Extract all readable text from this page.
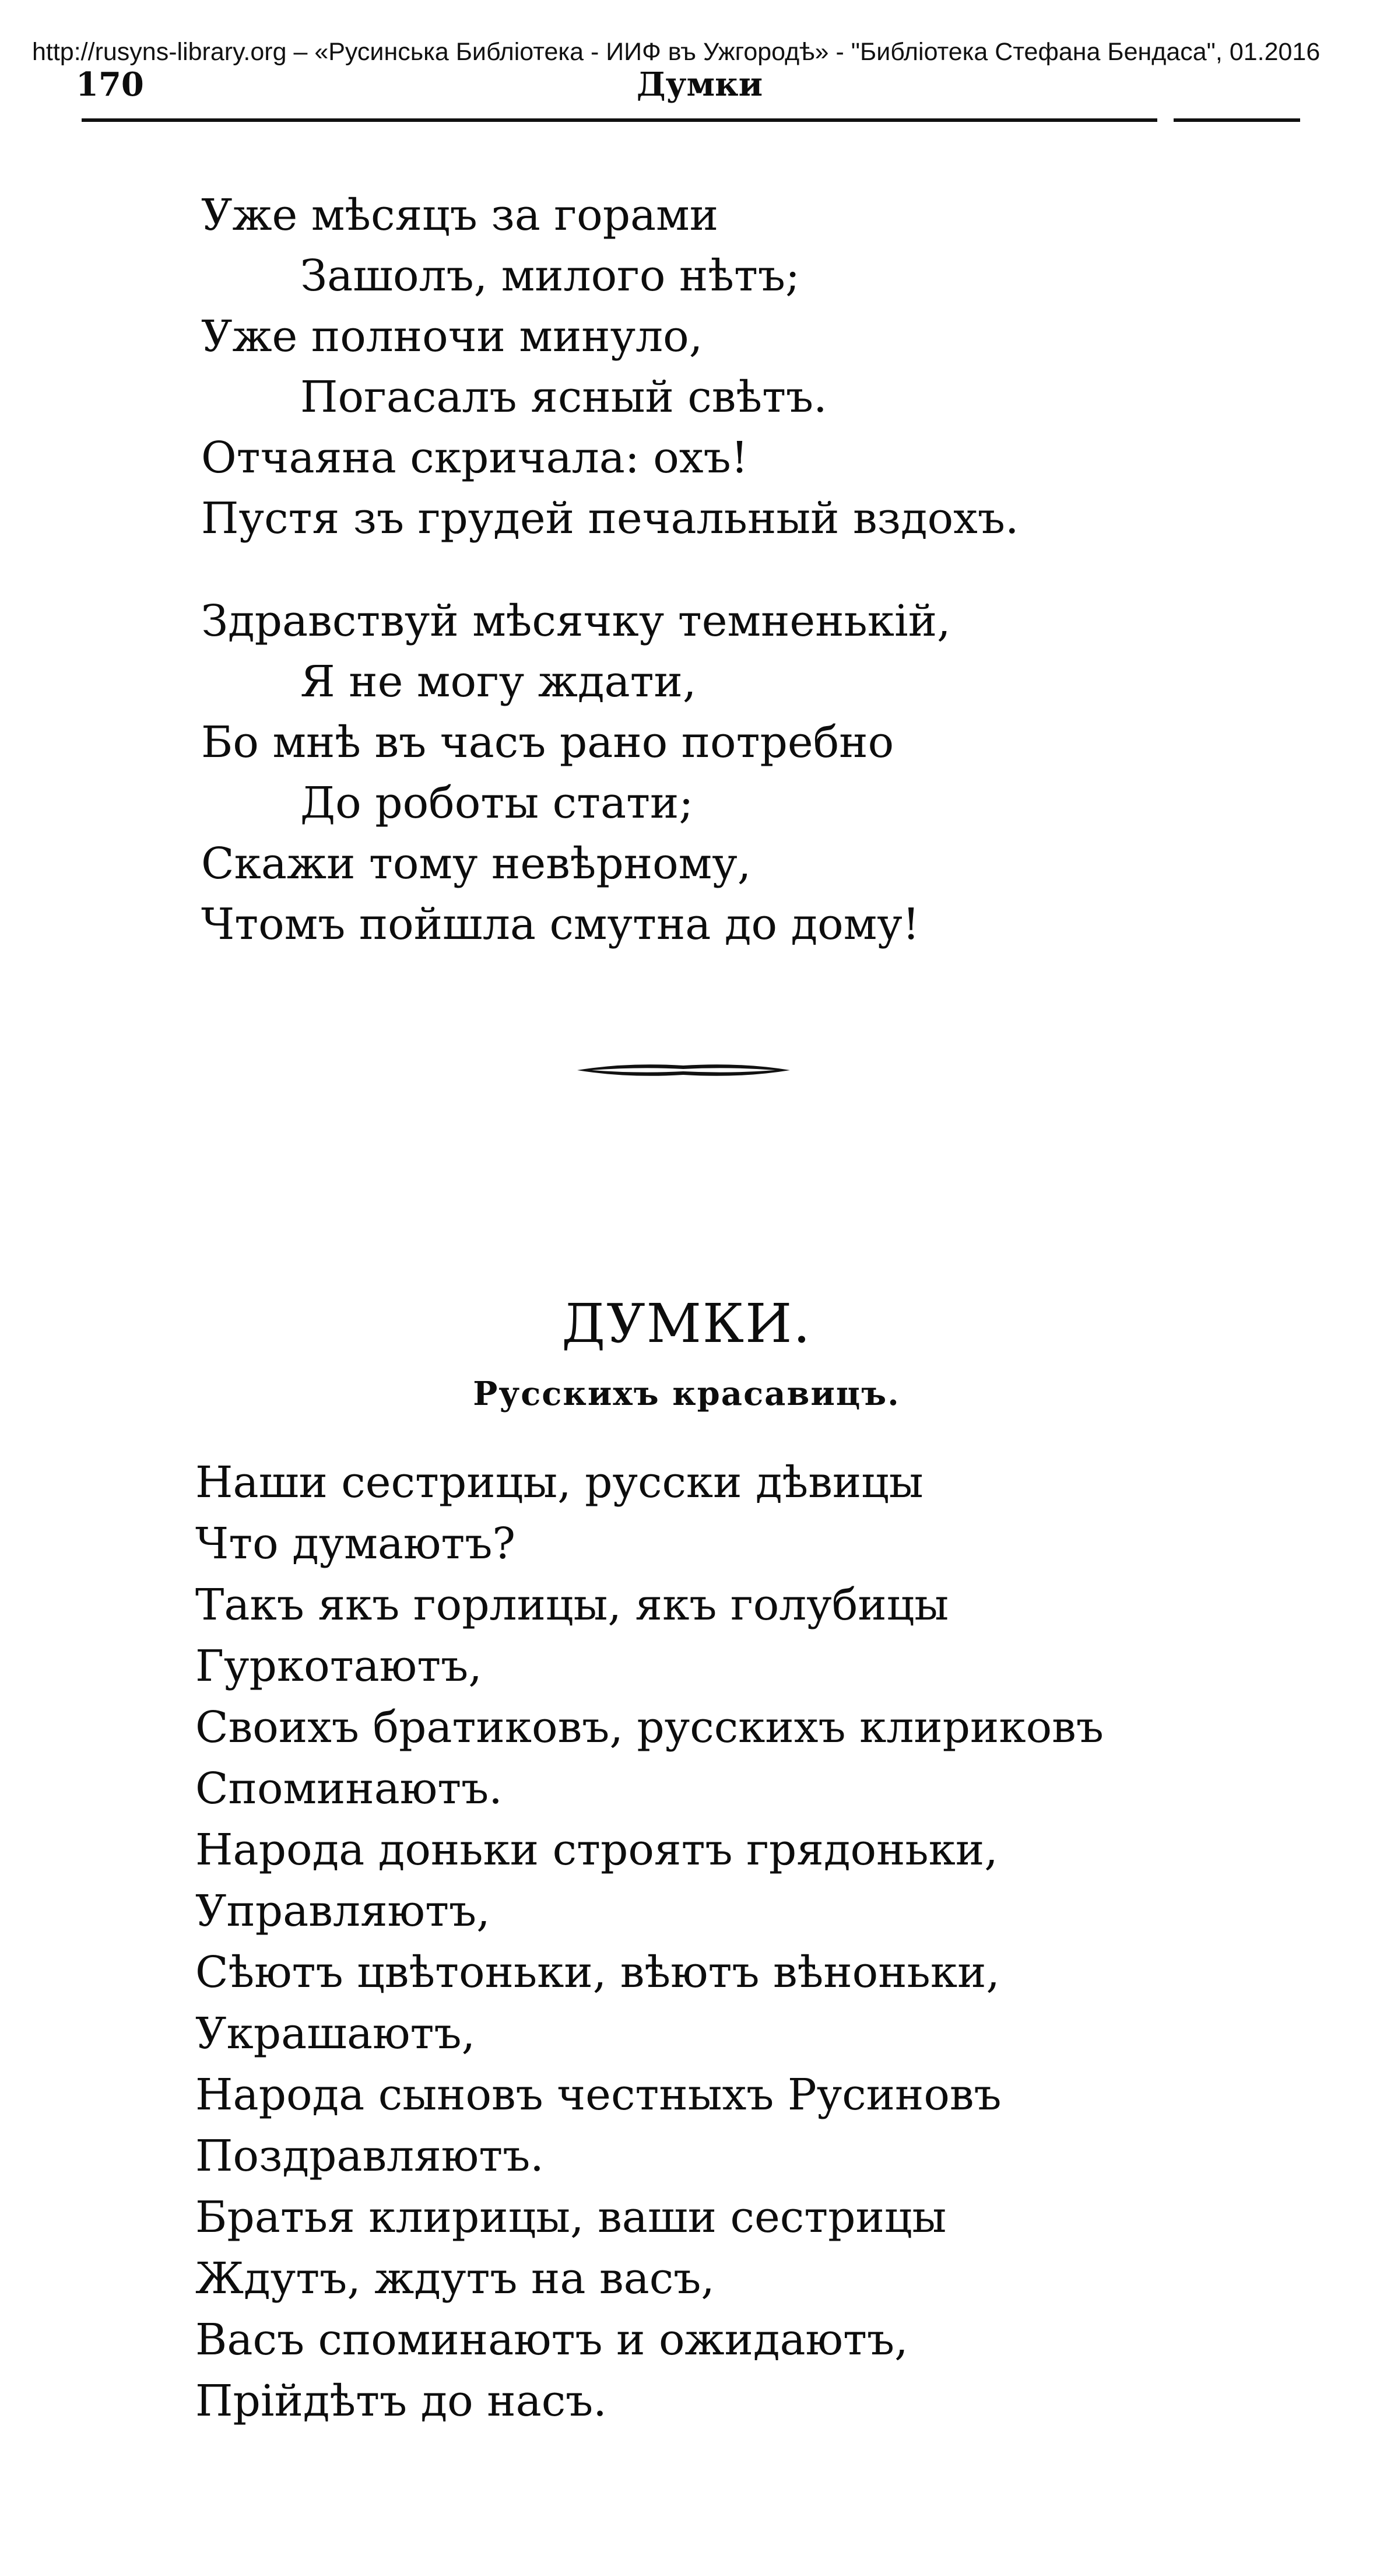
http://rusyns-library.org – «Русинська Библіотека - ИИФ въ Ужгородѣ» - "Библіотека Стефана Бендаса", 01.2016
170	Думки
Уже мѣсяцъ за горами
Зашолъ, милого нѣтъ;
Уже полночи минуло,
Погасалъ ясный свѣтъ.
Отчаяна скричала: охъ!
Пустя зъ грудей печальный вздохъ.
Здравствуй мѣсячку темненькій,
Я не могу ждати,
Бо мнѣ въ часъ рано потребно
До роботы стати;
Скажи тому невѣрному,
Чтомъ пойшла смутна до дому!
ДУМКИ.
Русскихъ красавицъ.
Наши сестрицы, русски дѣвицы
Что думаютъ?
Такъ якъ горлицы, якъ голубицы
Гуркотаютъ,
Своихъ братиковъ, русскихъ клириковъ
Споминаютъ.
Народа доньки строятъ грядоньки,
Управляютъ,
Сѣютъ цвѣтоньки, вѣютъ вѣноньки,
Украшаютъ,
Народа сыновъ честныхъ Русиновъ
Поздравляютъ.
Братья клирицы, ваши сестрицы
Ждутъ, ждутъ на васъ,
Васъ споминаютъ и ожидаютъ,
Прійдѣтъ до насъ.
